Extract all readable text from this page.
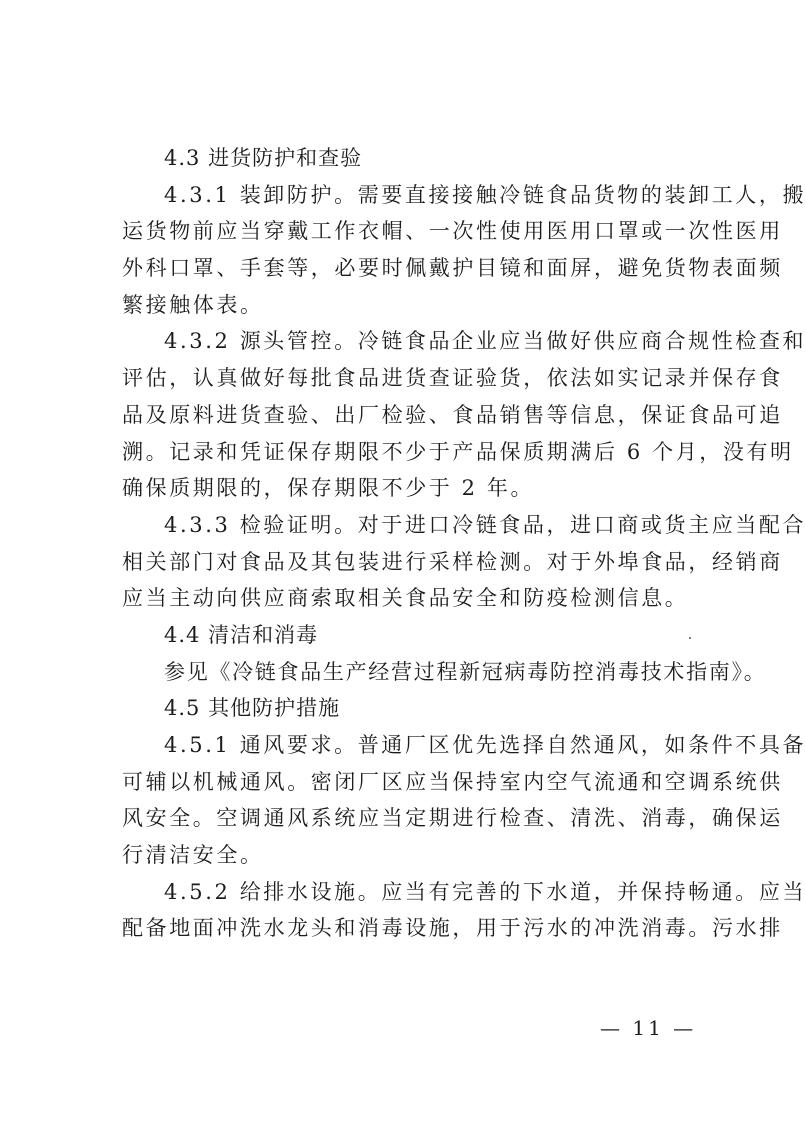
4.3 进货防护和查验
4.3.1 装卸防护。需要直接接触冷链食品货物的装卸工人，搬
运货物前应当穿戴工作衣帽、一次性使用医用口罩或一次性医用
外科口罩、手套等，必要时佩戴护目镜和面屏，避免货物表面频
繁接触体表。
4.3.2 源头管控。冷链食品企业应当做好供应商合规性检查和
评估，认真做好每批食品进货查证验货，依法如实记录并保存食
品及原料进货查验、出厂检验、食品销售等信息，保证食品可追
溯。记录和凭证保存期限不少于产品保质期满后 6 个月，没有明
确保质期限的，保存期限不少于 2 年。
4.3.3 检验证明。对于进口冷链食品，进口商或货主应当配合
相关部门对食品及其包装进行采样检测。对于外埠食品，经销商
应当主动向供应商索取相关食品安全和防疫检测信息。
4.4 清洁和消毒
参见《冷链食品生产经营过程新冠病毒防控消毒技术指南》。
4.5 其他防护措施
4.5.1 通风要求。普通厂区优先选择自然通风，如条件不具备
可辅以机械通风。密闭厂区应当保持室内空气流通和空调系统供
风安全。空调通风系统应当定期进行检查、清洗、消毒，确保运
行清洁安全。
4.5.2 给排水设施。应当有完善的下水道，并保持畅通。应当
配备地面冲洗水龙头和消毒设施，用于污水的冲洗消毒。污水排
— 11 —
